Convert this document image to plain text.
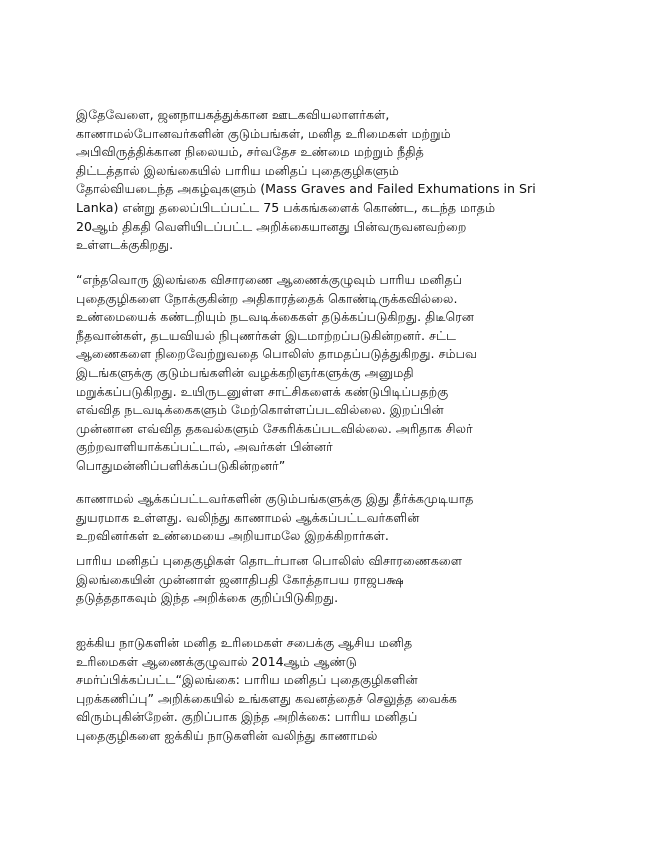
இதேவேளை, ஜனநாயகத்துக்கான ஊடகவியலாளர்கள்,
காணாமல்போனவர்களின் குடும்பங்கள், மனித உரிமைகள் மற்றும்
அபிவிருத்திக்கான நிலையம், சர்வதேச உண்மை மற்றும் நீதித்
திட்டத்தால் இலங்கையில் பாரிய மனிதப் புதைகுழிகளும்
தோல்வியடைந்த அகழ்வுகளும் (Mass Graves and Failed Exhumations in Sri
Lanka) என்று தலைப்பிடப்பட்ட 75 பக்கங்களைக் கொண்ட, கடந்த மாதம்
20ஆம் திகதி வெளியிடப்பட்ட அறிக்கையானது பின்வருவனவற்றை
உள்ளடக்குகிறது.
“எந்தவொரு இலங்கை விசாரணை ஆணைக்குழுவும் பாரிய மனிதப்
புதைகுழிகளை நோக்குகின்ற அதிகாரத்தைக் கொண்டிருக்கவில்லை.
உண்மையைக் கண்டறியும் நடவடிக்கைகள் தடுக்கப்படுகிறது. திடீரென
நீதவான்கள், தடயவியல் நிபுணர்கள் இடமாற்றப்படுகின்றனர். சட்ட
ஆணைகளை நிறைவேற்றுவதை பொலிஸ் தாமதப்படுத்துகிறது. சம்பவ
இடங்களுக்கு குடும்பங்களின் வழக்கறிஞர்களுக்கு அனுமதி
மறுக்கப்படுகிறது. உயிருடனுள்ள சாட்சிகளைக் கண்டுபிடிப்பதற்கு
எவ்வித நடவடிக்கைகளும் மேற்கொள்ளப்படவில்லை. இறப்பின்
முன்னான எவ்வித தகவல்களும் சேகரிக்கப்படவில்லை. அரிதாக சிலர்
குற்றவாளியாக்கப்பட்டால், அவர்கள் பின்னர்
பொதுமன்னிப்பளிக்கப்படுகின்றனர்”
காணாமல் ஆக்கப்பட்டவர்களின் குடும்பங்களுக்கு இது தீர்க்கமுடியாத
துயரமாக உள்ளது. வலிந்து காணாமல் ஆக்கப்பட்டவர்களின்
உறவினர்கள் உண்மையை அறியாமலே இறக்கிறார்கள்.
பாரிய மனிதப் புதைகுழிகள் தொடர்பான பொலிஸ் விசாரணைகளை
இலங்கையின் முன்னாள் ஜனாதிபதி கோத்தாபய ராஜபக்ஷ
தடுத்ததாகவும் இந்த அறிக்கை குறிப்பிடுகிறது.
ஐக்கிய நாடுகளின் மனித உரிமைகள் சபைக்கு ஆசிய மனித
உரிமைகள் ஆணைக்குழுவால் 2014ஆம் ஆண்டு
சமர்ப்பிக்கப்பட்ட“இலங்கை: பாரிய மனிதப் புதைகுழிகளின்
புறக்கணிப்பு” அறிக்கையில் உங்களது கவனத்தைச் செலுத்த வைக்க
விரும்புகின்றேன். குறிப்பாக இந்த அறிக்கை: பாரிய மனிதப்
புதைகுழிகளை ஐக்கிய் நாடுகளின் வலிந்து காணாமல்
